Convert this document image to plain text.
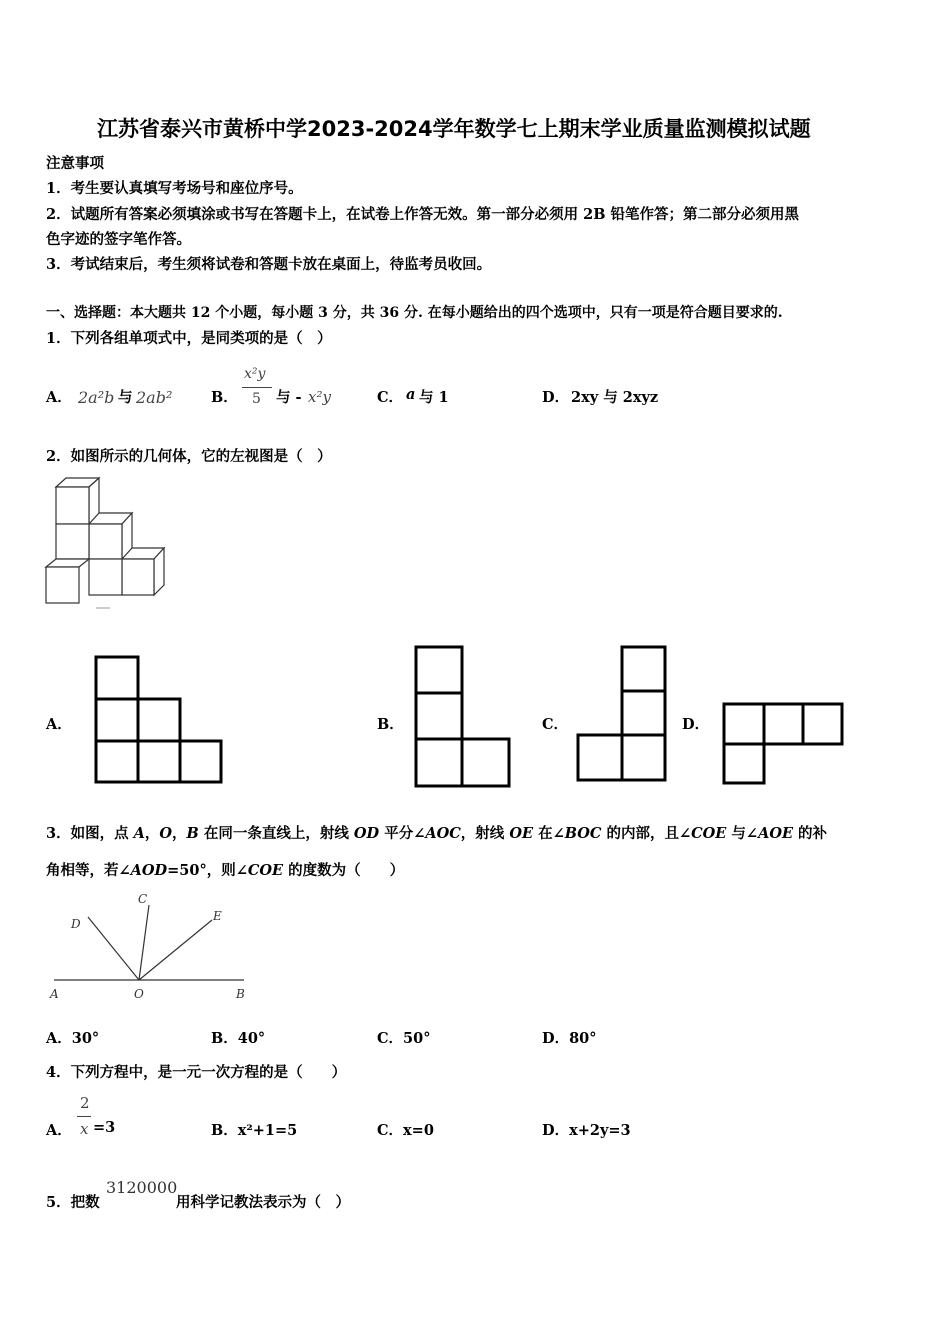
江苏省泰兴市黄桥中学2023-2024学年数学七上期末学业质量监测模拟试题
注意事项
1．考生要认真填写考场号和座位序号。
2．试题所有答案必须填涂或书写在答题卡上，在试卷上作答无效。第一部分必须用 2B 铅笔作答；第二部分必须用黑
色字迹的签字笔作答。
3．考试结束后，考生须将试卷和答题卡放在桌面上，待监考员收回。
一、选择题：本大题共 12 个小题，每小题 3 分，共 36 分. 在每小题给出的四个选项中，只有一项是符合题目要求的.
1．下列各组单项式中，是同类项的是（　）
A． 2a²b 与 2ab²	B．
x²y
5 与 - x²y	C． a 与 1	D． 2xy 与 2xyz
2．如图所示的几何体，它的左视图是（　）
A．	B．	C．	D．
3．如图，点 A，O，B 在同一条直线上，射线 OD 平分∠AOC，射线 OE 在∠BOC 的内部，且∠COE 与∠AOE 的补
角相等，若∠AOD=50°，则∠COE 的度数为（　　）
C
D
E
A	O	B
A．30°	B．40°	C．50°	D．80°
4．下列方程中，是一元一次方程的是（　　）
A．
2
x =3	B．x²+1=5	C．x=0	D．x+2y=3
5．把数
3120000
用科学记教法表示为（　）
